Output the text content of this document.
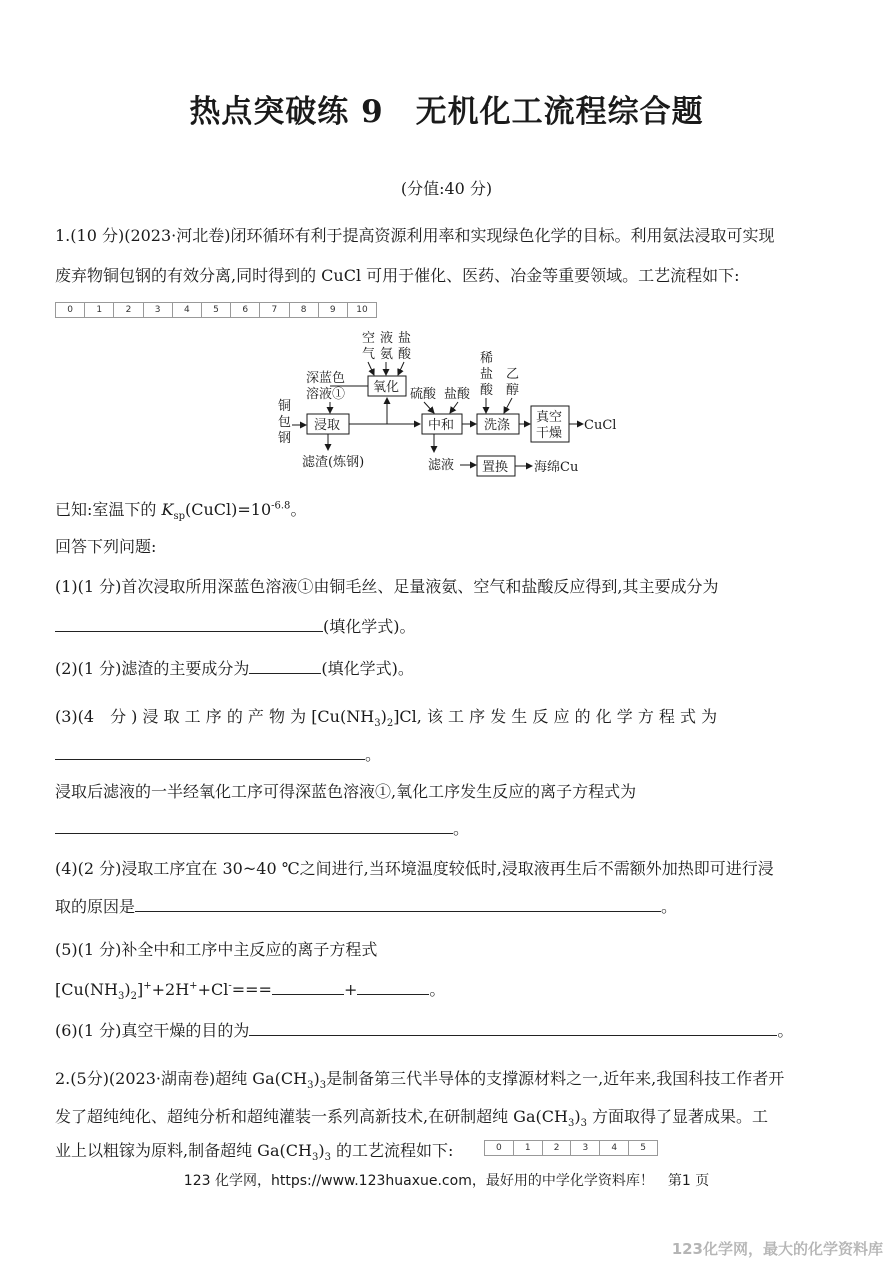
热点突破练 9　无机化工流程综合题
(分值:40 分)
1.(10 分)(2023·河北卷)闭环循环有利于提高资源利用率和实现绿色化学的目标。利用氨法浸取可实现
废弃物铜包钢的有效分离,同时得到的 CuCl 可用于催化、医药、冶金等重要领域。工艺流程如下:
0	1	2	3	4	5	6	7	8	9	10
空
气
液
氨
盐
酸
氧化
深蓝色
溶液①
铜
包
钢
浸取
滤渣(炼钢)
硫酸 盐酸
中和
滤液 置换 海绵Cu
稀
盐
酸
乙
醇
洗涤
真空
干燥
CuCl
已知:室温下的 $K_{sp}(CuCl)=10^{-6.8}$。
回答下列问题:
(1)(1 分)首次浸取所用深蓝色溶液①由铜毛丝、足量液氨、空气和盐酸反应得到,其主要成分为
(填化学式)。
(2)(1 分)滤渣的主要成分为	(填化学式)。
(3)(4　分 ) 浸 取 工 序 的 产 物 为 $[Cu(NH_3)_2]Cl$, 该 工 序 发 生 反 应 的 化 学 方 程 式 为
。
浸取后滤液的一半经氧化工序可得深蓝色溶液①,氧化工序发生反应的离子方程式为
。
(4)(2 分)浸取工序宜在 30~40 ℃之间进行,当环境温度较低时,浸取液再生后不需额外加热即可进行浸
取的原因是	。
(5)(1 分)补全中和工序中主反应的离子方程式
$[Cu(NH_3)_2]^++2H^++Cl^-===$	+	。
(6)(1 分)真空干燥的目的为	。
2.(5分)(2023·湖南卷)超纯 $Ga(CH_3)_3$是制备第三代半导体的支撑源材料之一,近年来,我国科技工作者开
发了超纯纯化、超纯分析和超纯灌装一系列高新技术,在研制超纯 $Ga(CH_3)_3$ 方面取得了显著成果。工
业上以粗镓为原料,制备超纯 $Ga(CH_3)_3$ 的工艺流程如下:	0	1	2	3	4	5
123 化学网，https://www.123huaxue.com，最好用的中学化学资料库！　第1 页
123化学网，最大的化学资料库
